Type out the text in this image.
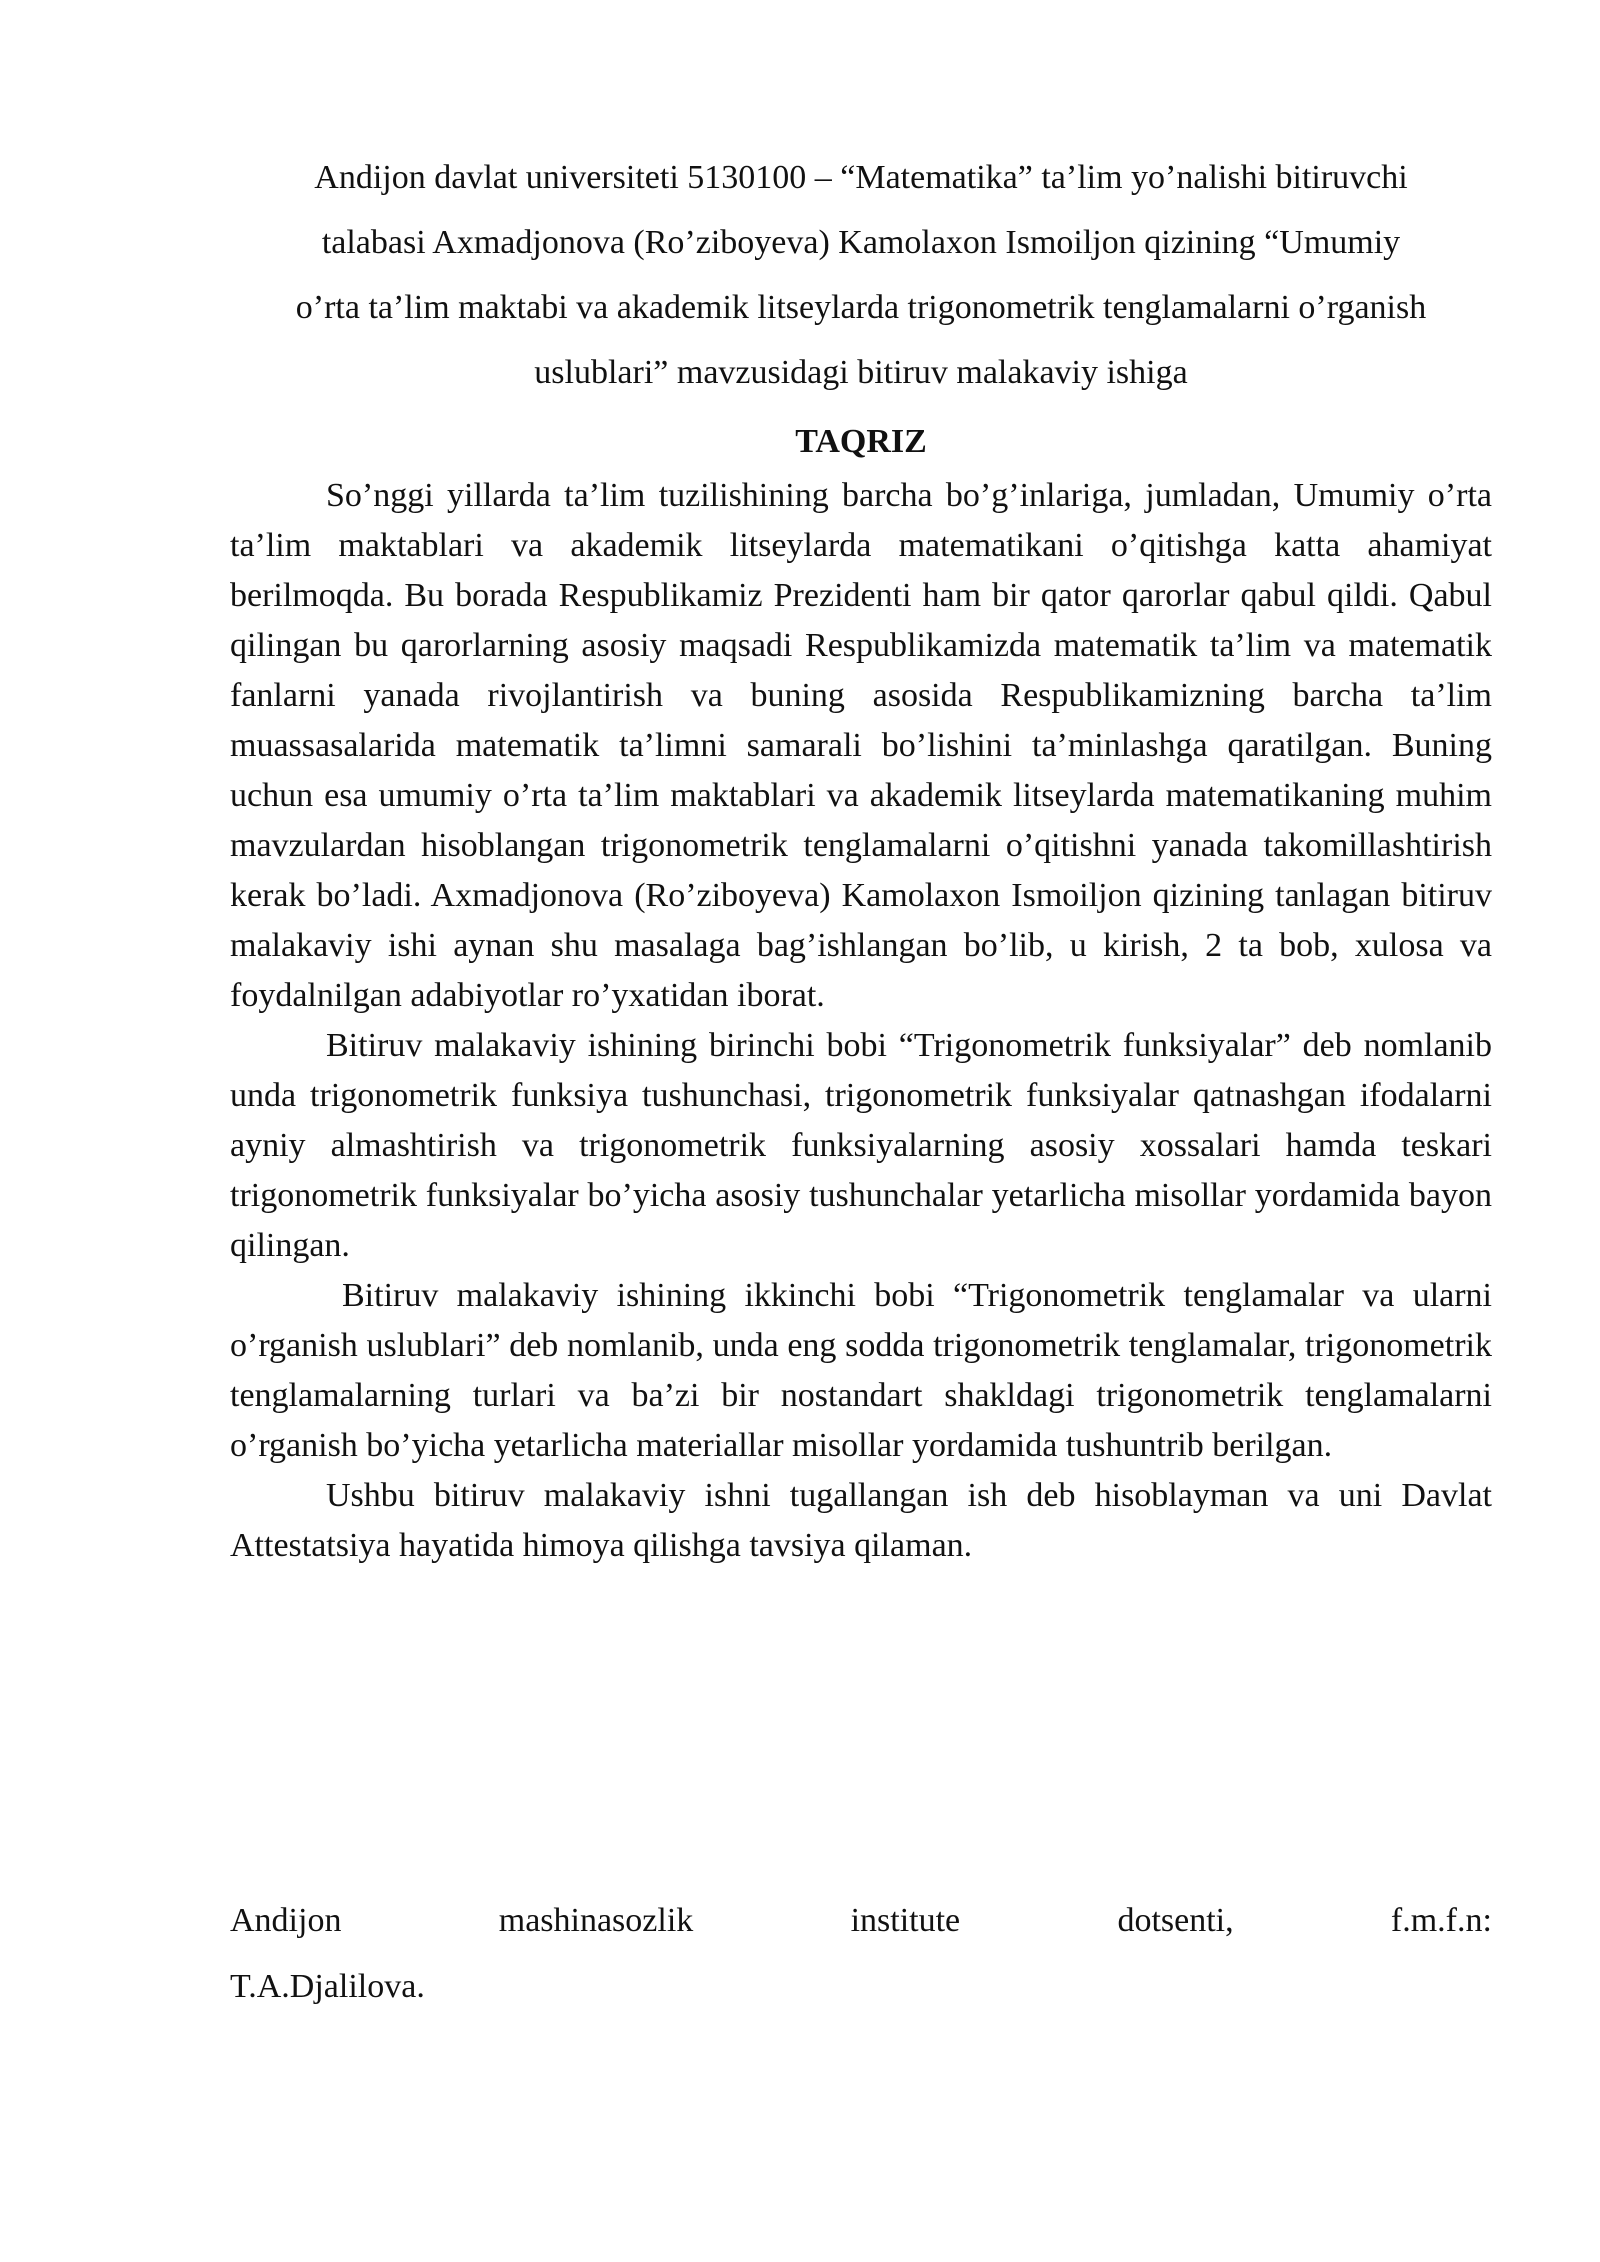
Andijon davlat universiteti 5130100 – “Matematika” ta’lim yo’nalishi bitiruvchi
talabasi Axmadjonova (Ro’ziboyeva) Kamolaxon Ismoiljon qizining “Umumiy
o’rta ta’lim maktabi va akademik litseylarda trigonometrik tenglamalarni o’rganish
uslublari” mavzusidagi bitiruv malakaviy ishiga
TAQRIZ

So’nggi yillarda ta’lim tuzilishining barcha bo’g’inlariga, jumladan, Umumiy o’rta ta’lim maktablari va akademik litseylarda matematikani o’qitishga katta ahamiyat berilmoqda. Bu borada Respublikamiz Prezidenti ham bir qator qarorlar qabul qildi. Qabul qilingan bu qarorlarning asosiy maqsadi Respublikamizda matematik ta’lim va matematik fanlarni yanada rivojlantirish va buning asosida Respublikamizning barcha ta’lim muassasalarida matematik ta’limni samarali bo’lishini ta’minlashga qaratilgan. Buning uchun esa umumiy o’rta ta’lim maktablari va akademik litseylarda matematikaning muhim mavzulardan hisoblangan trigonometrik tenglamalarni o’qitishni yanada takomillashtirish kerak bo’ladi. Axmadjonova (Ro’ziboyeva) Kamolaxon Ismoiljon qizining tanlagan bitiruv malakaviy ishi aynan shu masalaga bag’ishlangan bo’lib, u kirish, 2 ta bob, xulosa va foydalnilgan adabiyotlar ro’yxatidan iborat.

Bitiruv malakaviy ishining birinchi bobi “Trigonometrik funksiyalar” deb nomlanib unda trigonometrik funksiya tushunchasi, trigonometrik funksiyalar qatnashgan ifodalarni ayniy almashtirish va trigonometrik funksiyalarning asosiy xossalari hamda teskari trigonometrik funksiyalar bo’yicha asosiy tushunchalar yetarlicha misollar yordamida bayon qilingan.

Bitiruv malakaviy ishining ikkinchi bobi “Trigonometrik tenglamalar va ularni o’rganish uslublari” deb nomlanib, unda eng sodda trigonometrik tenglamalar, trigonometrik tenglamalarning turlari va ba’zi bir nostandart shakldagi trigonometrik tenglamalarni o’rganish bo’yicha yetarlicha materiallar misollar yordamida tushuntrib berilgan.

Ushbu bitiruv malakaviy ishni tugallangan ish deb hisoblayman va uni Davlat Attestatsiya hayatida himoya qilishga tavsiya qilaman.

Andijon	mashinasozlik	institute	dotsenti,	f.m.f.n:
T.A.Djalilova.
